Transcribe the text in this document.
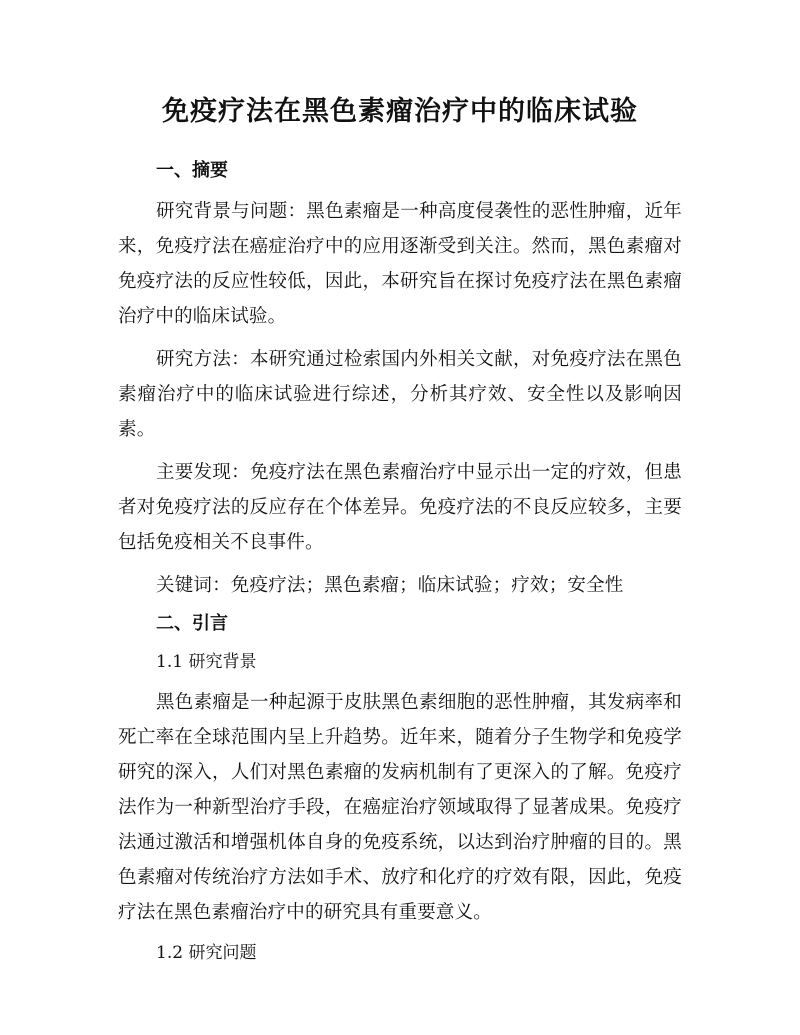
免疫疗法在黑色素瘤治疗中的临床试验
一、摘要

研究背景与问题：黑色素瘤是一种高度侵袭性的恶性肿瘤，近年来，免疫疗法在癌症治疗中的应用逐渐受到关注。然而，黑色素瘤对免疫疗法的反应性较低，因此，本研究旨在探讨免疫疗法在黑色素瘤治疗中的临床试验。

研究方法：本研究通过检索国内外相关文献，对免疫疗法在黑色素瘤治疗中的临床试验进行综述，分析其疗效、安全性以及影响因素。

主要发现：免疫疗法在黑色素瘤治疗中显示出一定的疗效，但患者对免疫疗法的反应存在个体差异。免疫疗法的不良反应较多，主要包括免疫相关不良事件。

关键词：免疫疗法；黑色素瘤；临床试验；疗效；安全性

二、引言
1.1 研究背景

黑色素瘤是一种起源于皮肤黑色素细胞的恶性肿瘤，其发病率和死亡率在全球范围内呈上升趋势。近年来，随着分子生物学和免疫学研究的深入，人们对黑色素瘤的发病机制有了更深入的了解。免疫疗法作为一种新型治疗手段，在癌症治疗领域取得了显著成果。免疫疗法通过激活和增强机体自身的免疫系统，以达到治疗肿瘤的目的。黑色素瘤对传统治疗方法如手术、放疗和化疗的疗效有限，因此，免疫疗法在黑色素瘤治疗中的研究具有重要意义。

1.2 研究问题
